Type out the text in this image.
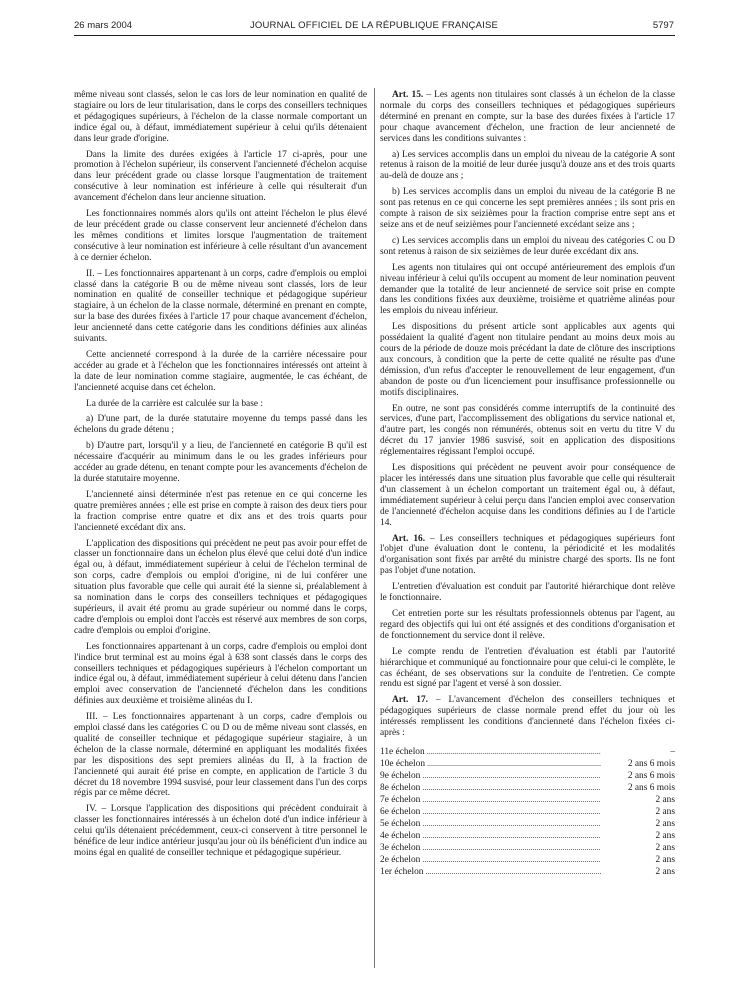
26 mars 2004	JOURNAL OFFICIEL DE LA RÉPUBLIQUE FRANÇAISE	5797

même niveau sont classés, selon le cas lors de leur nomination en qualité de stagiaire ou lors de leur titularisation, dans le corps des conseillers techniques et pédagogiques supérieurs, à l'échelon de la classe normale comportant un indice égal ou, à défaut, immédiatement supérieur à celui qu'ils détenaient dans leur grade d'origine.

Dans la limite des durées exigées à l'article 17 ci-après, pour une promotion à l'échelon supérieur, ils conservent l'ancienneté d'échelon acquise dans leur précédent grade ou classe lorsque l'augmentation de traitement consécutive à leur nomination est inférieure à celle qui résulterait d'un avancement d'échelon dans leur ancienne situation.

Les fonctionnaires nommés alors qu'ils ont atteint l'échelon le plus élevé de leur précédent grade ou classe conservent leur ancienneté d'échelon dans les mêmes conditions et limites lorsque l'augmentation de traitement consécutive à leur nomination est inférieure à celle résultant d'un avancement à ce dernier échelon.

II. – Les fonctionnaires appartenant à un corps, cadre d'emplois ou emploi classé dans la catégorie B ou de même niveau sont classés, lors de leur nomination en qualité de conseiller technique et pédagogique supérieur stagiaire, à un échelon de la classe normale, déterminé en prenant en compte, sur la base des durées fixées à l'article 17 pour chaque avancement d'échelon, leur ancienneté dans cette catégorie dans les conditions définies aux alinéas suivants.

Cette ancienneté correspond à la durée de la carrière nécessaire pour accéder au grade et à l'échelon que les fonctionnaires intéressés ont atteint à la date de leur nomination comme stagiaire, augmentée, le cas échéant, de l'ancienneté acquise dans cet échelon.

La durée de la carrière est calculée sur la base :

a) D'une part, de la durée statutaire moyenne du temps passé dans les échelons du grade détenu ;

b) D'autre part, lorsqu'il y a lieu, de l'ancienneté en catégorie B qu'il est nécessaire d'acquérir au minimum dans le ou les grades inférieurs pour accéder au grade détenu, en tenant compte pour les avancements d'échelon de la durée statutaire moyenne.

L'ancienneté ainsi déterminée n'est pas retenue en ce qui concerne les quatre premières années ; elle est prise en compte à raison des deux tiers pour la fraction comprise entre quatre et dix ans et des trois quarts pour l'ancienneté excédant dix ans.

L'application des dispositions qui précèdent ne peut pas avoir pour effet de classer un fonctionnaire dans un échelon plus élevé que celui doté d'un indice égal ou, à défaut, immédiatement supérieur à celui de l'échelon terminal de son corps, cadre d'emplois ou emploi d'origine, ni de lui conférer une situation plus favorable que celle qui aurait été la sienne si, préalablement à sa nomination dans le corps des conseillers techniques et pédagogiques supérieurs, il avait été promu au grade supérieur ou nommé dans le corps, cadre d'emplois ou emploi dont l'accès est réservé aux membres de son corps, cadre d'emplois ou emploi d'origine.

Les fonctionnaires appartenant à un corps, cadre d'emplois ou emploi dont l'indice brut terminal est au moins égal à 638 sont classés dans le corps des conseillers techniques et pédagogiques supérieurs à l'échelon comportant un indice égal ou, à défaut, immédiatement supérieur à celui détenu dans l'ancien emploi avec conservation de l'ancienneté d'échelon dans les conditions définies aux deuxième et troisième alinéas du I.

III. – Les fonctionnaires appartenant à un corps, cadre d'emplois ou emploi classé dans les catégories C ou D ou de même niveau sont classés, en qualité de conseiller technique et pédagogique supérieur stagiaire, à un échelon de la classe normale, déterminé en appliquant les modalités fixées par les dispositions des sept premiers alinéas du II, à la fraction de l'ancienneté qui aurait été prise en compte, en application de l'article 3 du décret du 18 novembre 1994 susvisé, pour leur classement dans l'un des corps régis par ce même décret.

IV. – Lorsque l'application des dispositions qui précèdent conduirait à classer les fonctionnaires intéressés à un échelon doté d'un indice inférieur à celui qu'ils détenaient précédemment, ceux-ci conservent à titre personnel le bénéfice de leur indice antérieur jusqu'au jour où ils bénéficient d'un indice au moins égal en qualité de conseiller technique et pédagogique supérieur.

Art. 15. – Les agents non titulaires sont classés à un échelon de la classe normale du corps des conseillers techniques et pédagogiques supérieurs déterminé en prenant en compte, sur la base des durées fixées à l'article 17 pour chaque avancement d'échelon, une fraction de leur ancienneté de services dans les conditions suivantes :

a) Les services accomplis dans un emploi du niveau de la catégorie A sont retenus à raison de la moitié de leur durée jusqu'à douze ans et des trois quarts au-delà de douze ans ;

b) Les services accomplis dans un emploi du niveau de la catégorie B ne sont pas retenus en ce qui concerne les sept premières années ; ils sont pris en compte à raison de six seizièmes pour la fraction comprise entre sept ans et seize ans et de neuf seizièmes pour l'ancienneté excédant seize ans ;

c) Les services accomplis dans un emploi du niveau des catégories C ou D sont retenus à raison de six seizièmes de leur durée excédant dix ans.

Les agents non titulaires qui ont occupé antérieurement des emplois d'un niveau inférieur à celui qu'ils occupent au moment de leur nomination peuvent demander que la totalité de leur ancienneté de service soit prise en compte dans les conditions fixées aux deuxième, troisième et quatrième alinéas pour les emplois du niveau inférieur.

Les dispositions du présent article sont applicables aux agents qui possédaient la qualité d'agent non titulaire pendant au moins deux mois au cours de la période de douze mois précédant la date de clôture des inscriptions aux concours, à condition que la perte de cette qualité ne résulte pas d'une démission, d'un refus d'accepter le renouvellement de leur engagement, d'un abandon de poste ou d'un licenciement pour insuffisance professionnelle ou motifs disciplinaires.

En outre, ne sont pas considérés comme interruptifs de la continuité des services, d'une part, l'accomplissement des obligations du service national et, d'autre part, les congés non rémunérés, obtenus soit en vertu du titre V du décret du 17 janvier 1986 susvisé, soit en application des dispositions réglementaires régissant l'emploi occupé.

Les dispositions qui précèdent ne peuvent avoir pour conséquence de placer les intéressés dans une situation plus favorable que celle qui résulterait d'un classement à un échelon comportant un traitement égal ou, à défaut, immédiatement supérieur à celui perçu dans l'ancien emploi avec conservation de l'ancienneté d'échelon acquise dans les conditions définies au I de l'article 14.

Art. 16. – Les conseillers techniques et pédagogiques supérieurs font l'objet d'une évaluation dont le contenu, la périodicité et les modalités d'organisation sont fixés par arrêté du ministre chargé des sports. Ils ne font pas l'objet d'une notation.

L'entretien d'évaluation est conduit par l'autorité hiérarchique dont relève le fonctionnaire.

Cet entretien porte sur les résultats professionnels obtenus par l'agent, au regard des objectifs qui lui ont été assignés et des conditions d'organisation et de fonctionnement du service dont il relève.

Le compte rendu de l'entretien d'évaluation est établi par l'autorité hiérarchique et communiqué au fonctionnaire pour que celui-ci le complète, le cas échéant, de ses observations sur la conduite de l'entretien. Ce compte rendu est signé par l'agent et versé à son dossier.

Art. 17. – L'avancement d'échelon des conseillers techniques et pédagogiques supérieurs de classe normale prend effet du jour où les intéressés remplissent les conditions d'ancienneté dans l'échelon fixées ci-après :

11e échelon .....	–
10e échelon .....	2 ans 6 mois
9e échelon .....	2 ans 6 mois
8e échelon .....	2 ans 6 mois
7e échelon .....	2 ans
6e échelon .....	2 ans
5e échelon .....	2 ans
4e échelon .....	2 ans
3e échelon .....	2 ans
2e échelon .....	2 ans
1er échelon .....	2 ans
